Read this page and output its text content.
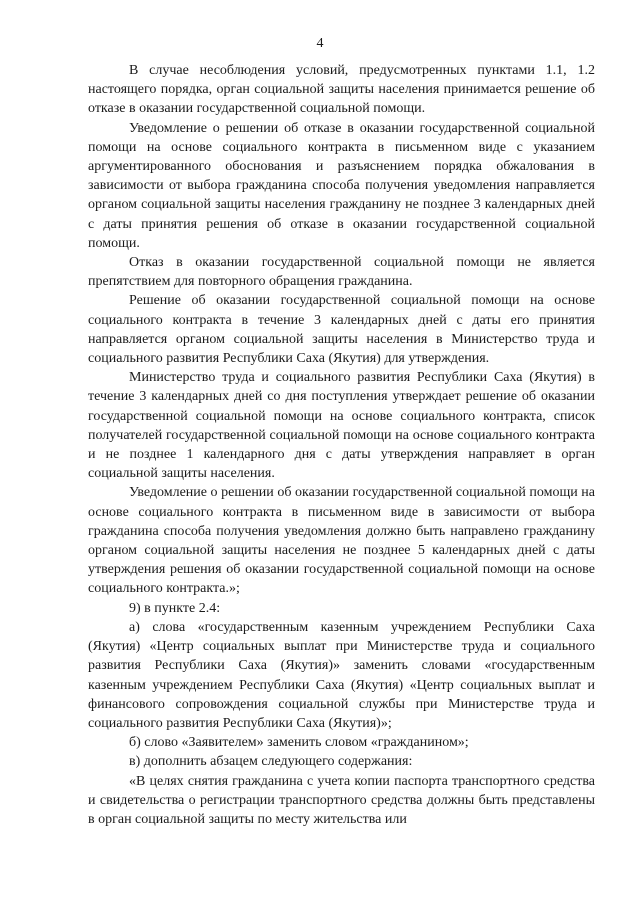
4

В случае несоблюдения условий, предусмотренных пунктами 1.1, 1.2 настоящего порядка, орган социальной защиты населения принимается решение об отказе в оказании государственной социальной помощи.

Уведомление о решении об отказе в оказании государственной социальной помощи на основе социального контракта в письменном виде с указанием аргументированного обоснования и разъяснением порядка обжалования в зависимости от выбора гражданина способа получения уведомления направляется органом социальной защиты населения гражданину не позднее 3 календарных дней с даты принятия решения об отказе в оказании государственной социальной помощи.

Отказ в оказании государственной социальной помощи не является препятствием для повторного обращения гражданина.

Решение об оказании государственной социальной помощи на основе социального контракта в течение 3 календарных дней с даты его принятия направляется органом социальной защиты населения в Министерство труда и социального развития Республики Саха (Якутия) для утверждения.

Министерство труда и социального развития Республики Саха (Якутия) в течение 3 календарных дней со дня поступления утверждает решение об оказании государственной социальной помощи на основе социального контракта, список получателей государственной социальной помощи на основе социального контракта и не позднее 1 календарного дня с даты утверждения направляет в орган социальной защиты населения.

Уведомление о решении об оказании государственной социальной помощи на основе социального контракта в письменном виде в зависимости от выбора гражданина способа получения уведомления должно быть направлено гражданину органом социальной защиты населения не позднее 5 календарных дней с даты утверждения решения об оказании государственной социальной помощи на основе социального контракта.»;

9) в пункте 2.4:

а) слова «государственным казенным учреждением Республики Саха (Якутия) «Центр социальных выплат при Министерстве труда и социального развития Республики Саха (Якутия)» заменить словами «государственным казенным учреждением Республики Саха (Якутия) «Центр социальных выплат и финансового сопровождения социальной службы при Министерстве труда и социального развития Республики Саха (Якутия)»;

б) слово «Заявителем» заменить словом «гражданином»;

в) дополнить абзацем следующего содержания:

«В целях снятия гражданина с учета копии паспорта транспортного средства и свидетельства о регистрации транспортного средства должны быть представлены в орган социальной защиты по месту жительства или
